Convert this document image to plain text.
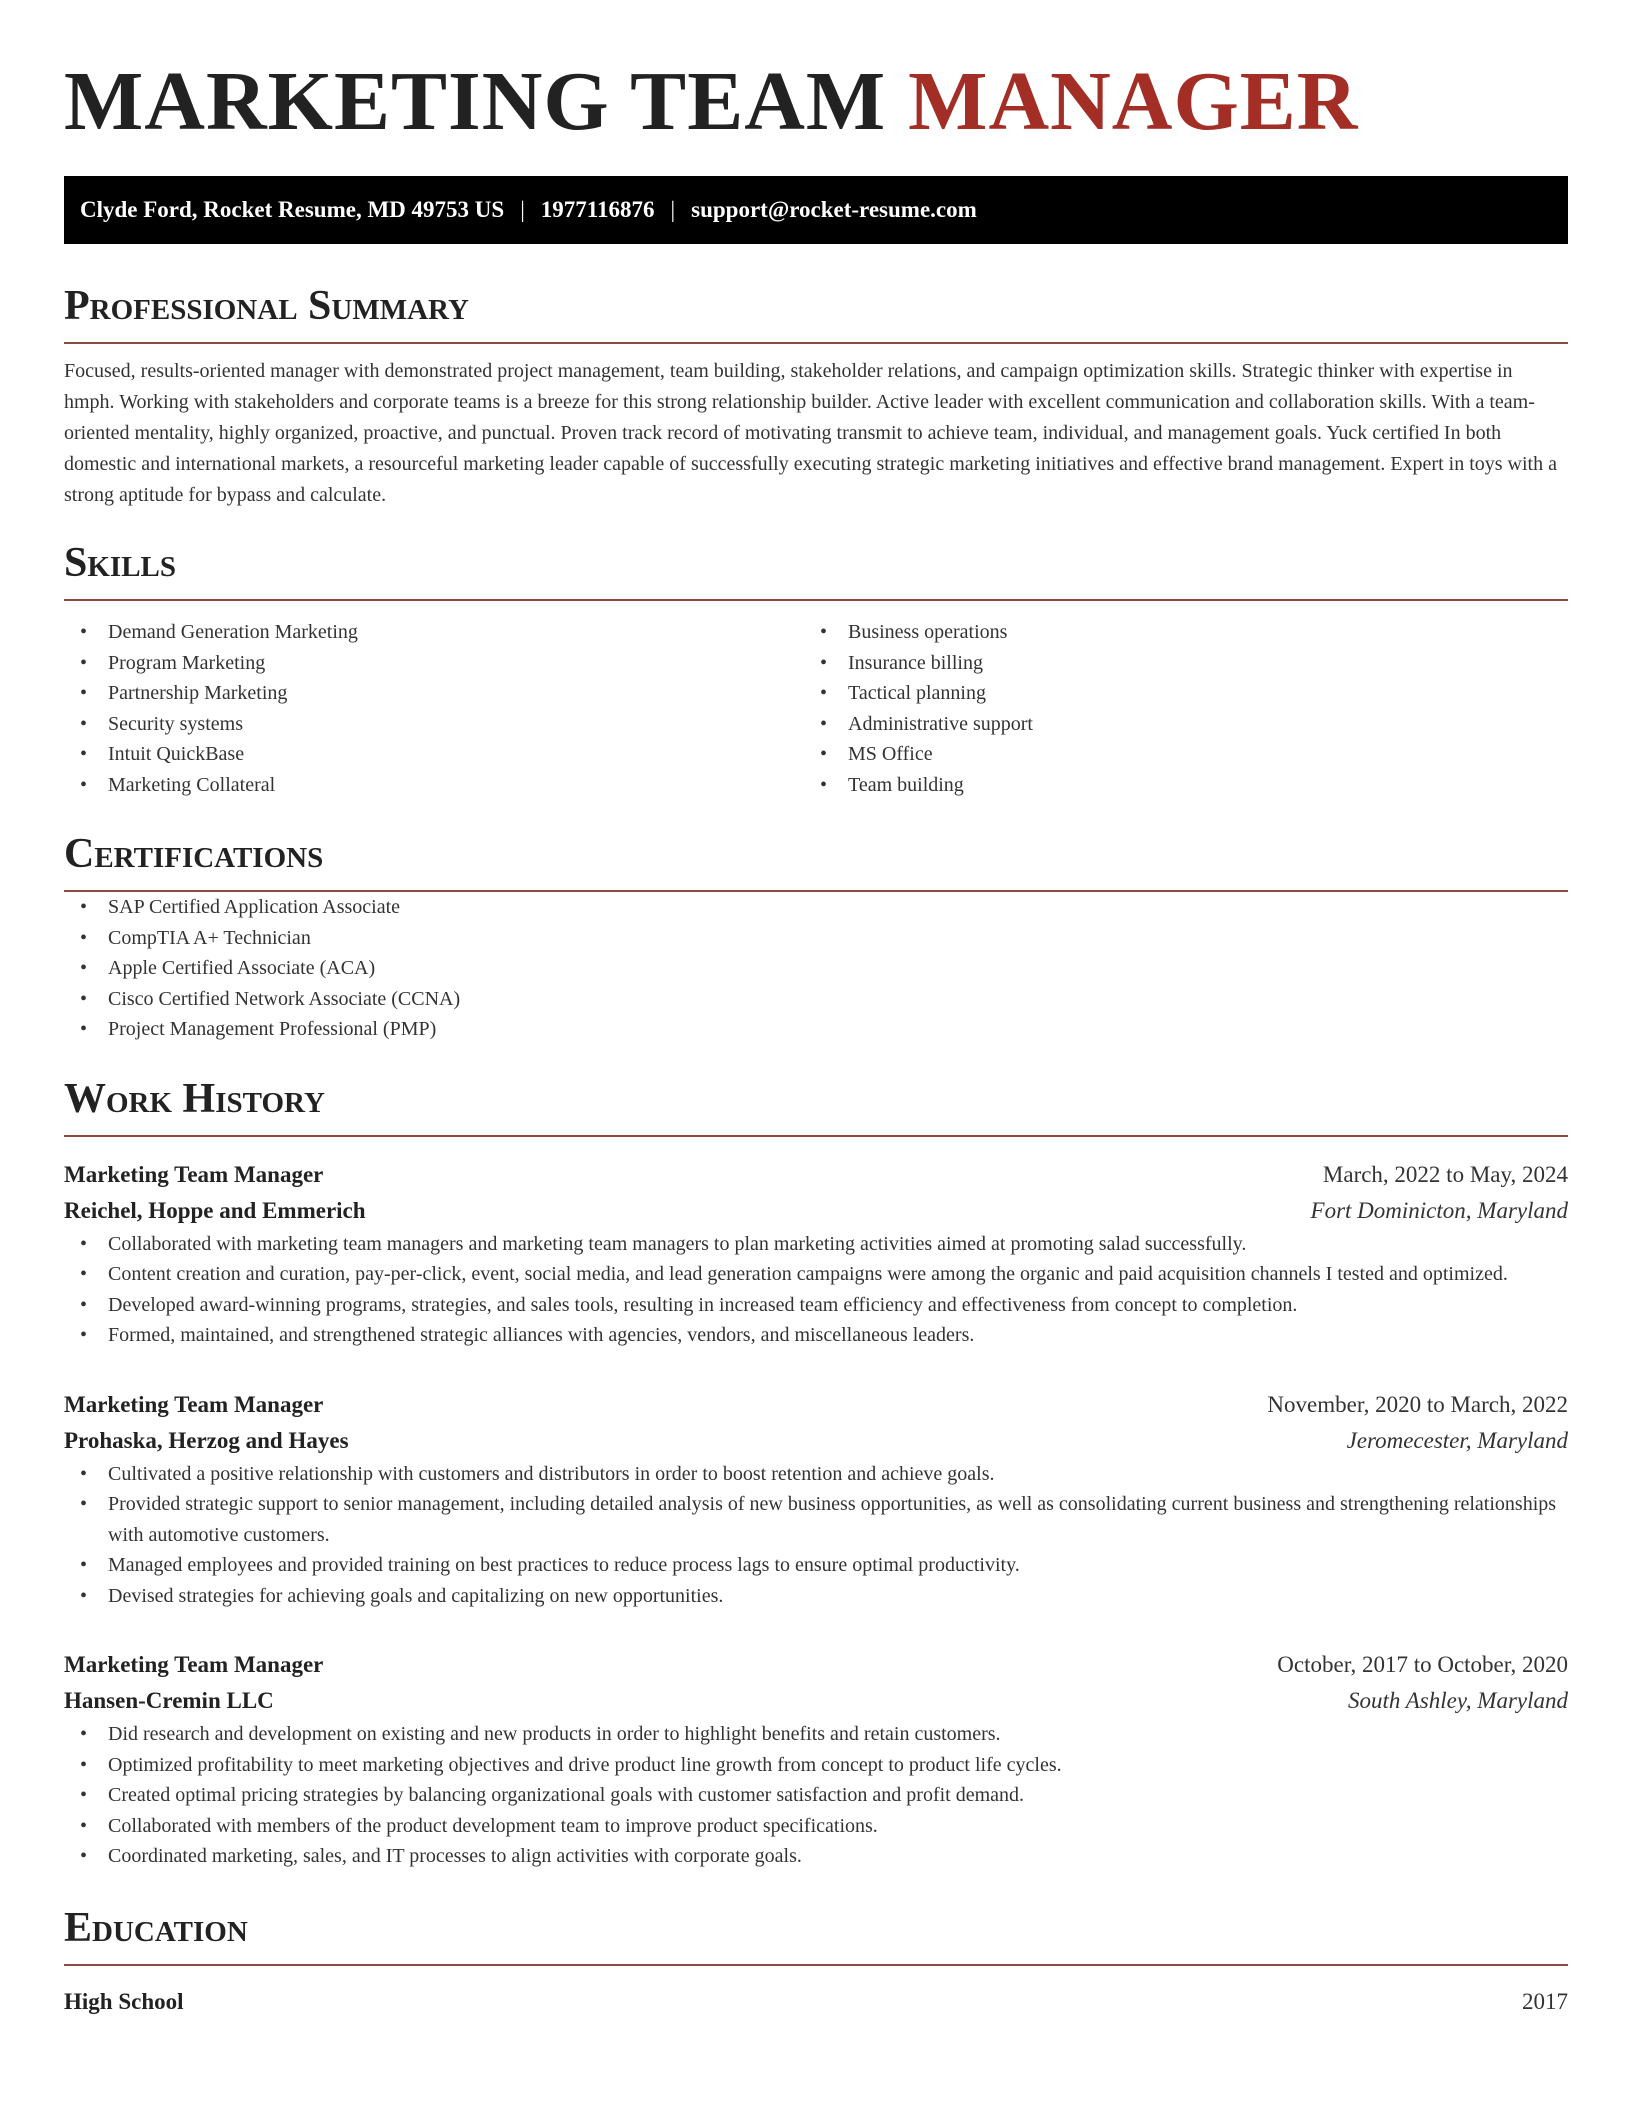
MARKETING TEAM MANAGER
Clyde Ford, Rocket Resume, MD 49753 US | 1977116876 | support@rocket-resume.com
Professional Summary

Focused, results-oriented manager with demonstrated project management, team building, stakeholder relations, and campaign optimization skills. Strategic thinker with expertise in hmph. Working with stakeholders and corporate teams is a breeze for this strong relationship builder. Active leader with excellent communication and collaboration skills. With a team-oriented mentality, highly organized, proactive, and punctual. Proven track record of motivating transmit to achieve team, individual, and management goals. Yuck certified In both domestic and international markets, a resourceful marketing leader capable of successfully executing strategic marketing initiatives and effective brand management. Expert in toys with a strong aptitude for bypass and calculate.

Skills
• Demand Generation Marketing
• Program Marketing
• Partnership Marketing
• Security systems
• Intuit QuickBase
• Marketing Collateral
• Business operations
• Insurance billing
• Tactical planning
• Administrative support
• MS Office
• Team building
Certifications
• SAP Certified Application Associate
• CompTIA A+ Technician
• Apple Certified Associate (ACA)
• Cisco Certified Network Associate (CCNA)
• Project Management Professional (PMP)
Work History
Marketing Team Manager	March, 2022 to May, 2024
Reichel, Hoppe and Emmerich	Fort Dominicton, Maryland
• Collaborated with marketing team managers and marketing team managers to plan marketing activities aimed at promoting salad successfully.
• Content creation and curation, pay-per-click, event, social media, and lead generation campaigns were among the organic and paid acquisition channels I tested and optimized.
• Developed award-winning programs, strategies, and sales tools, resulting in increased team efficiency and effectiveness from concept to completion.
• Formed, maintained, and strengthened strategic alliances with agencies, vendors, and miscellaneous leaders.
Marketing Team Manager	November, 2020 to March, 2022
Prohaska, Herzog and Hayes	Jeromecester, Maryland
• Cultivated a positive relationship with customers and distributors in order to boost retention and achieve goals.
• Provided strategic support to senior management, including detailed analysis of new business opportunities, as well as consolidating current business and strengthening relationships with automotive customers.
• Managed employees and provided training on best practices to reduce process lags to ensure optimal productivity.
• Devised strategies for achieving goals and capitalizing on new opportunities.
Marketing Team Manager	October, 2017 to October, 2020
Hansen-Cremin LLC	South Ashley, Maryland
• Did research and development on existing and new products in order to highlight benefits and retain customers.
• Optimized profitability to meet marketing objectives and drive product line growth from concept to product life cycles.
• Created optimal pricing strategies by balancing organizational goals with customer satisfaction and profit demand.
• Collaborated with members of the product development team to improve product specifications.
• Coordinated marketing, sales, and IT processes to align activities with corporate goals.
Education
High School	2017
